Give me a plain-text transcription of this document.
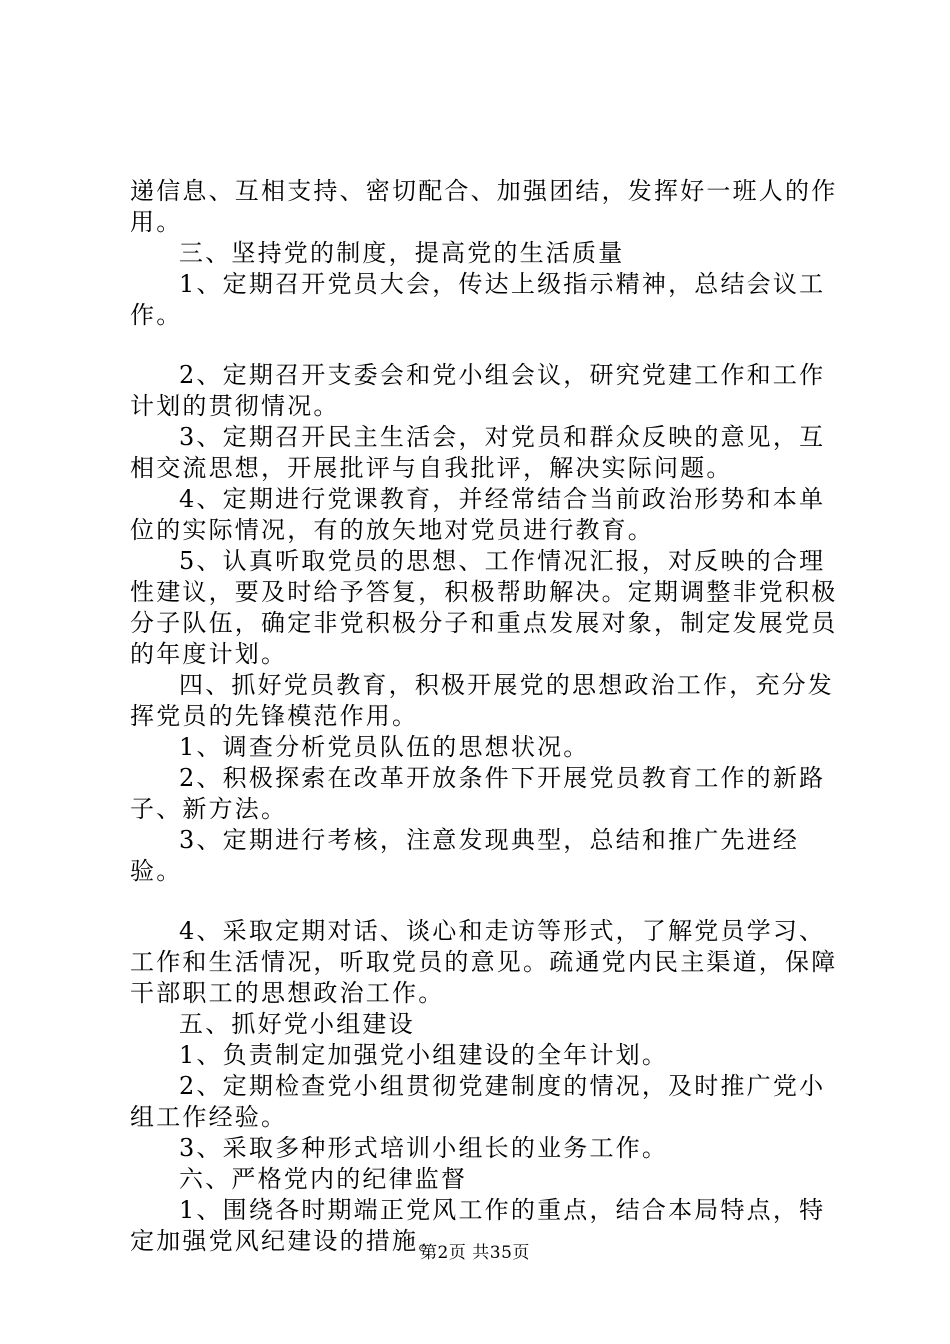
递信息、互相支持、密切配合、加强团结，发挥好一班人的作用。

三、坚持党的制度，提高党的生活质量

1、定期召开党员大会，传达上级指示精神，总结会议工作。

2、定期召开支委会和党小组会议，研究党建工作和工作计划的贯彻情况。

3、定期召开民主生活会，对党员和群众反映的意见，互相交流思想，开展批评与自我批评，解决实际问题。

4、定期进行党课教育，并经常结合当前政治形势和本单位的实际情况，有的放矢地对党员进行教育。

5、认真听取党员的思想、工作情况汇报，对反映的合理性建议，要及时给予答复，积极帮助解决。定期调整非党积极分子队伍，确定非党积极分子和重点发展对象，制定发展党员的年度计划。

四、抓好党员教育，积极开展党的思想政治工作，充分发挥党员的先锋模范作用。

1、调查分析党员队伍的思想状况。

2、积极探索在改革开放条件下开展党员教育工作的新路子、新方法。

3、定期进行考核，注意发现典型，总结和推广先进经验。

4、采取定期对话、谈心和走访等形式，了解党员学习、工作和生活情况，听取党员的意见。疏通党内民主渠道，保障干部职工的思想政治工作。

五、抓好党小组建设

1、负责制定加强党小组建设的全年计划。

2、定期检查党小组贯彻党建制度的情况，及时推广党小组工作经验。

3、采取多种形式培训小组长的业务工作。

六、严格党内的纪律监督

1、围绕各时期端正党风工作的重点，结合本局特点，特定加强党风纪建设的措施。

第2页 共35页
